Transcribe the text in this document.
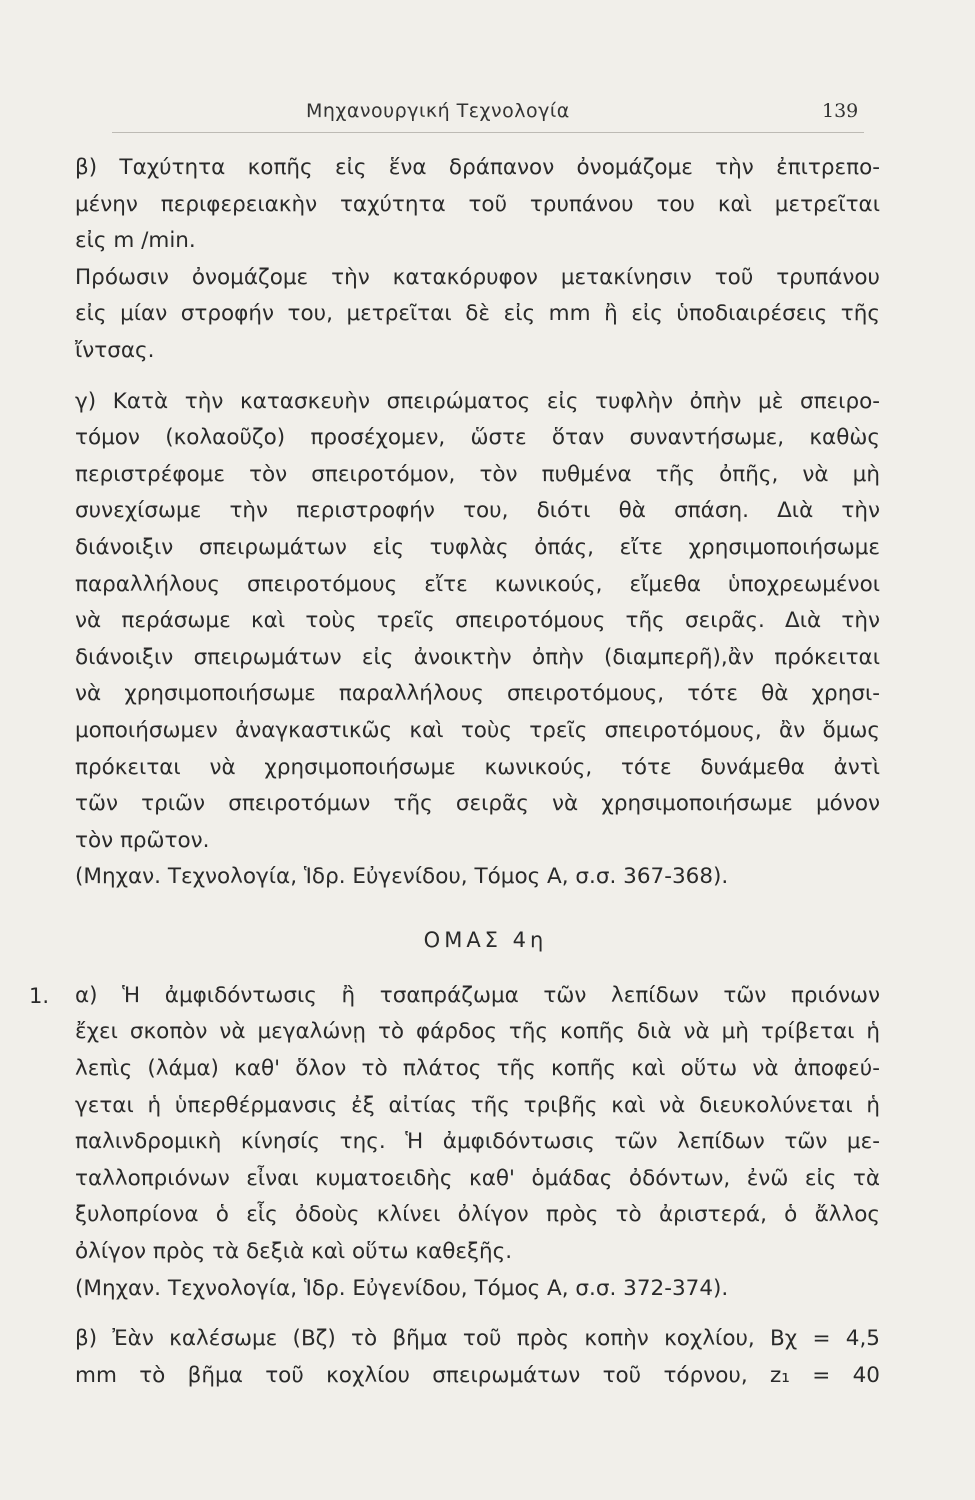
Μηχανουργική Τεχνολογία	139
β) Ταχύτητα κοπῆς εἰς ἕνα δράπανον ὀνομάζομε τὴν ἐπιτρεπο-
μένην περιφερειακὴν ταχύτητα τοῦ τρυπάνου του καὶ μετρεῖται
εἰς m /min.
Πρόωσιν ὀνομάζομε τὴν κατακόρυφον μετακίνησιν τοῦ τρυπάνου
εἰς μίαν στροφήν του, μετρεῖται δὲ εἰς mm ἢ εἰς ὑποδιαιρέσεις τῆς
ἴντσας.
γ) Κατὰ τὴν κατασκευὴν σπειρώματος εἰς τυφλὴν ὀπὴν μὲ σπειρο-
τόμον (κολαοῦζο) προσέχομεν, ὥστε ὅταν συναντήσωμε, καθὼς
περιστρέφομε τὸν σπειροτόμον, τὸν πυθμένα τῆς ὀπῆς, νὰ μὴ
συνεχίσωμε τὴν περιστροφήν του, διότι θὰ σπάση. Διὰ τὴν
διάνοιξιν σπειρωμάτων εἰς τυφλὰς ὀπάς, εἴτε χρησιμοποιήσωμε
παραλλήλους σπειροτόμους εἴτε κωνικούς, εἴμεθα ὑποχρεωμένοι
νὰ περάσωμε καὶ τοὺς τρεῖς σπειροτόμους τῆς σειρᾶς. Διὰ τὴν
διάνοιξιν σπειρωμάτων εἰς ἀνοικτὴν ὀπὴν (διαμπερῆ),ἂν πρόκειται
νὰ χρησιμοποιήσωμε παραλλήλους σπειροτόμους, τότε θὰ χρησι-
μοποιήσωμεν ἀναγκαστικῶς καὶ τοὺς τρεῖς σπειροτόμους, ἂν ὅμως
πρόκειται νὰ χρησιμοποιήσωμε κωνικούς, τότε δυνάμεθα ἀντὶ
τῶν τριῶν σπειροτόμων τῆς σειρᾶς νὰ χρησιμοποιήσωμε μόνον
τὸν πρῶτον.
(Μηχαν. Τεχνολογία, Ἱδρ. Εὐγενίδου, Τόμος Α, σ.σ. 367-368).
ΟΜΑΣ 4η
1. α) Ἡ ἀμφιδόντωσις ἢ τσαπράζωμα τῶν λεπίδων τῶν πριόνων
ἔχει σκοπὸν νὰ μεγαλώνῃ τὸ φάρδος τῆς κοπῆς διὰ νὰ μὴ τρίβεται ἡ
λεπὶς (λάμα) καθ' ὅλον τὸ πλάτος τῆς κοπῆς καὶ οὕτω νὰ ἀποφεύ-
γεται ἡ ὑπερθέρμανσις ἐξ αἰτίας τῆς τριβῆς καὶ νὰ διευκολύνεται ἡ
παλινδρομικὴ κίνησίς της. Ἡ ἀμφιδόντωσις τῶν λεπίδων τῶν με-
ταλλοπριόνων εἶναι κυματοειδὴς καθ' ὁμάδας ὀδόντων, ἐνῶ εἰς τὰ
ξυλοπρίονα ὁ εἷς ὀδοὺς κλίνει ὀλίγον πρὸς τὸ ἀριστερά, ὁ ἄλλος
ὀλίγον πρὸς τὰ δεξιὰ καὶ οὕτω καθεξῆς.
(Μηχαν. Τεχνολογία, Ἱδρ. Εὐγενίδου, Τόμος Α, σ.σ. 372-374).
β) Ἐὰν καλέσωμε (Βζ) τὸ βῆμα τοῦ πρὸς κοπὴν κοχλίου, Βχ = 4,5
mm τὸ βῆμα τοῦ κοχλίου σπειρωμάτων τοῦ τόρνου, z₁ = 40
